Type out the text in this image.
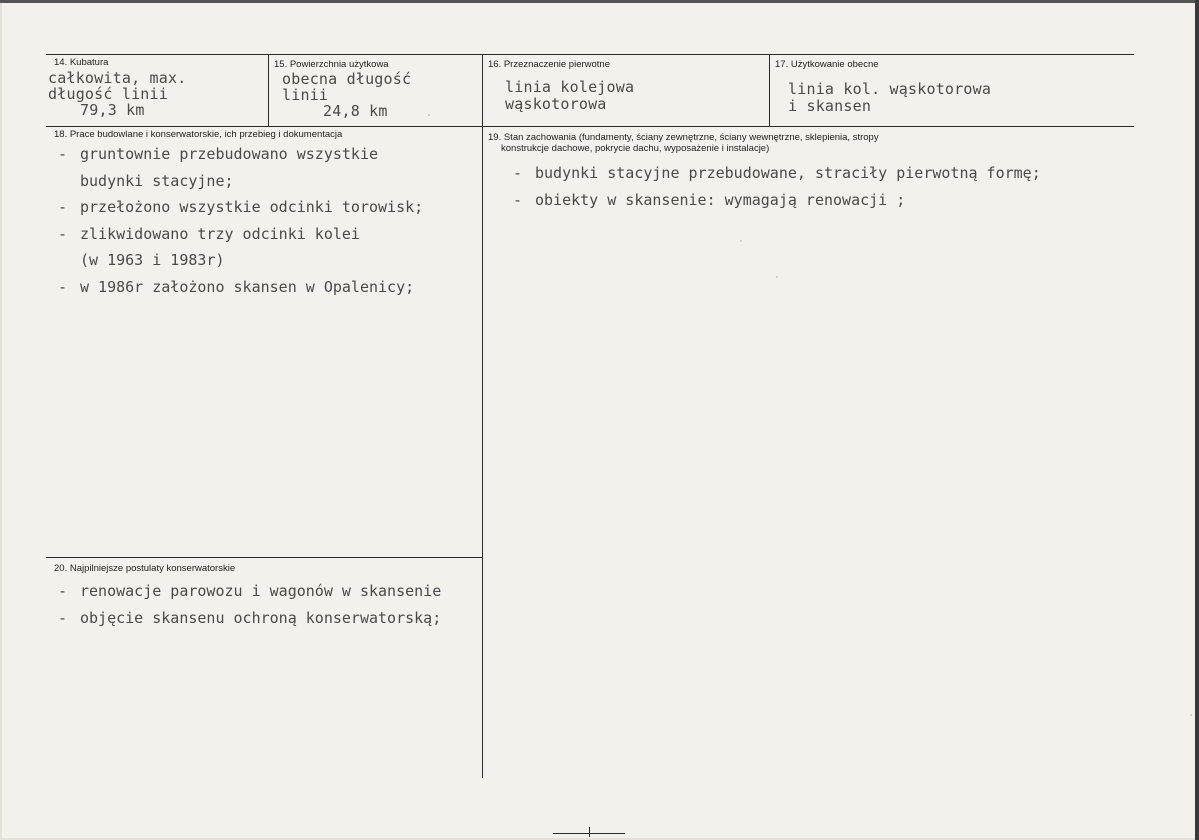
14. Kubatura
całkowita, max.
długość linii
79,3 km
15. Powierzchnia użytkowa
obecna długość
linii
24,8 km
16. Przeznaczenie pierwotne
linia kolejowa
wąskotorowa
17. Użytkowanie obecne
linia kol. wąskotorowa
i skansen
18. Prace budowlane i konserwatorskie, ich przebieg i dokumentacja
- gruntownie przebudowano wszystkie
budynki stacyjne;
- przełożono wszystkie odcinki torowisk;
- zlikwidowano trzy odcinki kolei
(w 1963 i 1983r)
- w 1986r założono skansen w Opalenicy;
19. Stan zachowania (fundamenty, ściany zewnętrzne, ściany wewnętrzne, sklepienia, stropy
konstrukcje dachowe, pokrycie dachu, wyposażenie i instalacje)
- budynki stacyjne przebudowane, straciły pierwotną formę;
- obiekty w skansenie: wymagają renowacji ;
20. Najpilniejsze postulaty konserwatorskie
- renowacje parowozu i wagonów w skansenie
- objęcie skansenu ochroną konserwatorską;
